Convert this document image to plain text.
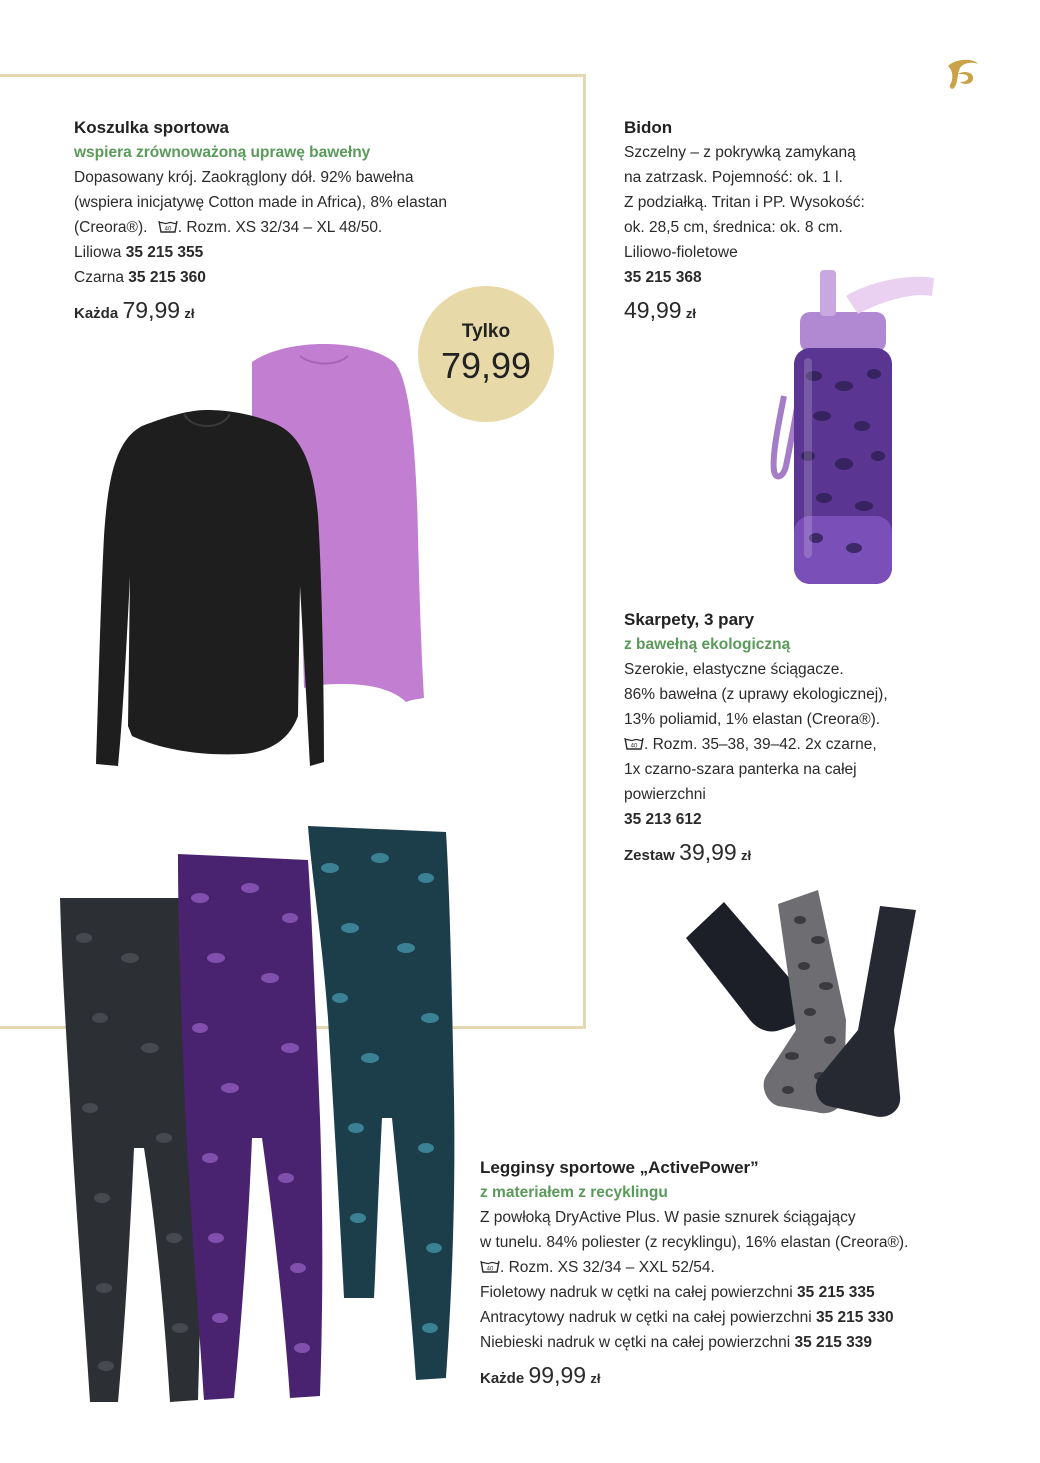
Koszulka sportowa
wspiera zrównoważoną uprawę bawełny
Dopasowany krój. Zaokrąglony dół. 92% bawełna
(wspiera inicjatywę Cotton made in Africa), 8% elastan
(Creora®).	40 . Rozm. XS 32/34 – XL 48/50.
Liliowa 35 215 355
Czarna 35 215 360
Każda 79,99 zł
Tylko
79,99
Bidon
Szczelny – z pokrywką zamykaną
na zatrzask. Pojemność: ok. 1 l.
Z podziałką. Tritan i PP. Wysokość:
ok. 28,5 cm, średnica: ok. 8 cm.
Liliowo-fioletowe
35 215 368
49,99 zł
Skarpety, 3 pary
z bawełną ekologiczną
Szerokie, elastyczne ściągacze.
86% bawełna (z uprawy ekologicznej),
13% poliamid, 1% elastan (Creora®).
40 . Rozm. 35–38, 39–42. 2x czarne,
1x czarno-szara panterka na całej
powierzchni
35 213 612
Zestaw 39,99 zł
Legginsy sportowe „ActivePower”
z materiałem z recyklingu
Z powłoką DryActive Plus. W pasie sznurek ściągający
w tunelu. 84% poliester (z recyklingu), 16% elastan (Creora®).
40 . Rozm. XS 32/34 – XXL 52/54.
Fioletowy nadruk w cętki na całej powierzchni 35 215 335
Antracytowy nadruk w cętki na całej powierzchni 35 215 330
Niebieski nadruk w cętki na całej powierzchni 35 215 339
Każde 99,99 zł
